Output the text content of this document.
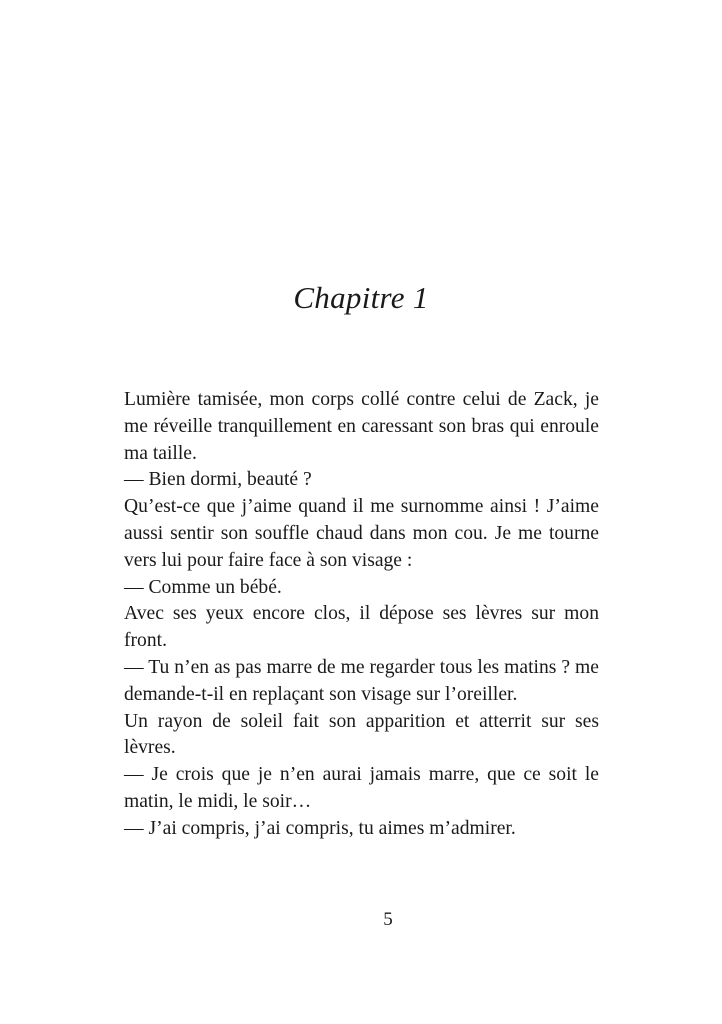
Chapitre 1

Lumière tamisée, mon corps collé contre celui de Zack, je me réveille tranquillement en caressant son bras qui enroule ma taille.

— Bien dormi, beauté ?

Qu’est-ce que j’aime quand il me surnomme ainsi ! J’aime aussi sentir son souffle chaud dans mon cou. Je me tourne vers lui pour faire face à son visage :

— Comme un bébé.

Avec ses yeux encore clos, il dépose ses lèvres sur mon front.

— Tu n’en as pas marre de me regarder tous les matins ? me demande-t-il en replaçant son visage sur l’oreiller.

Un rayon de soleil fait son apparition et atterrit sur ses lèvres.

— Je crois que je n’en aurai jamais marre, que ce soit le matin, le midi, le soir…

— J’ai compris, j’ai compris, tu aimes m’admirer.

5
